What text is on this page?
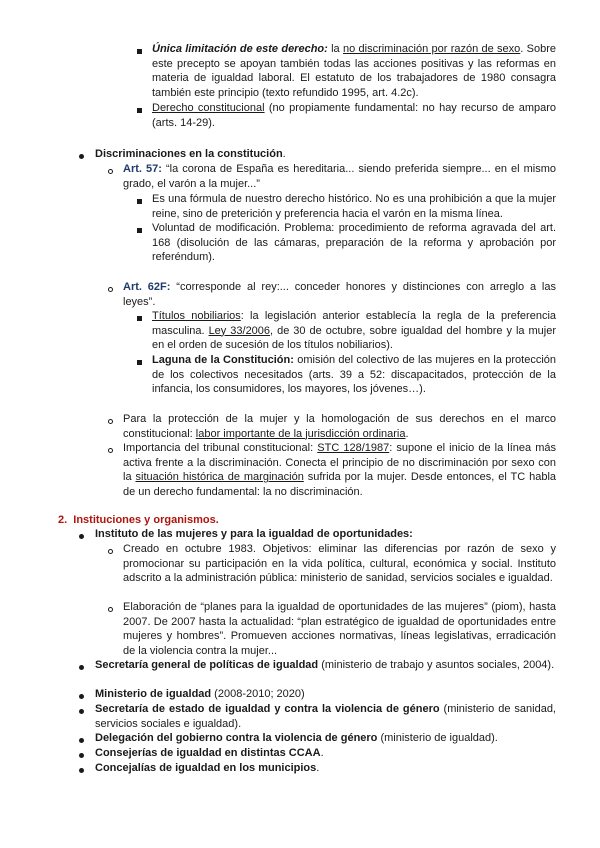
Única limitación de este derecho: la no discriminación por razón de sexo. Sobre este precepto se apoyan también todas las acciones positivas y las reformas en materia de igualdad laboral. El estatuto de los trabajadores de 1980 consagra también este principio (texto refundido 1995, art. 4.2c).
Derecho constitucional (no propiamente fundamental: no hay recurso de amparo (arts. 14-29).
Discriminaciones en la constitución.
Art. 57: “la corona de España es hereditaria... siendo preferida siempre... en el mismo grado, el varón a la mujer...”
Es una fórmula de nuestro derecho histórico. No es una prohibición a que la mujer reine, sino de preterición y preferencia hacia el varón en la misma línea.
Voluntad de modificación. Problema: procedimiento de reforma agravada del art. 168 (disolución de las cámaras, preparación de la reforma y aprobación por referéndum).
Art. 62F: “corresponde al rey:... conceder honores y distinciones con arreglo a las leyes”.
Títulos nobiliarios: la legislación anterior establecía la regla de la preferencia masculina. Ley 33/2006, de 30 de octubre, sobre igualdad del hombre y la mujer en el orden de sucesión de los títulos nobiliarios).
Laguna de la Constitución: omisión del colectivo de las mujeres en la protección de los colectivos necesitados (arts. 39 a 52: discapacitados, protección de la infancia, los consumidores, los mayores, los jóvenes…).
Para la protección de la mujer y la homologación de sus derechos en el marco constitucional: labor importante de la jurisdicción ordinaria.
Importancia del tribunal constitucional: STC 128/1987: supone el inicio de la línea más activa frente a la discriminación. Conecta el principio de no discriminación por sexo con la situación histórica de marginación sufrida por la mujer. Desde entonces, el TC habla de un derecho fundamental: la no discriminación.
2.  Instituciones y organismos.
Instituto de las mujeres y para la igualdad de oportunidades:
Creado en octubre 1983. Objetivos: eliminar las diferencias por razón de sexo y promocionar su participación en la vida política, cultural, económica y social. Instituto adscrito a la administración pública: ministerio de sanidad, servicios sociales e igualdad.
Elaboración de “planes para la igualdad de oportunidades de las mujeres” (piom), hasta 2007. De 2007 hasta la actualidad: “plan estratégico de igualdad de oportunidades entre mujeres y hombres”. Promueven acciones normativas, líneas legislativas, erradicación de la violencia contra la mujer...
Secretaría general de políticas de igualdad (ministerio de trabajo y asuntos sociales, 2004).
Ministerio de igualdad (2008-2010; 2020)
Secretaría de estado de igualdad y contra la violencia de género (ministerio de sanidad, servicios sociales e igualdad).
Delegación del gobierno contra la violencia de género (ministerio de igualdad).
Consejerías de igualdad en distintas CCAA.
Concejalías de igualdad en los municipios.
